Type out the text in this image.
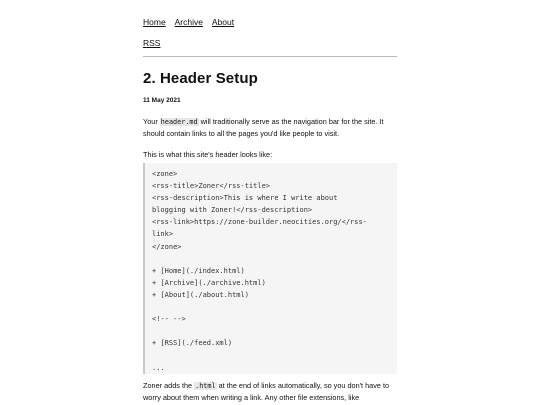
Home Archive About
RSS
2. Header Setup
11 May 2021

Your header.md will traditionally serve as the navigation bar for the site. It should contain links to all the pages you'd like people to visit.

This is what this site's header looks like:

<zone>
<rss-title>Zoner</rss-title>
<rss-description>This is where I write about
blogging with Zoner!</rss-description>
<rss-link>https://zone-builder.neocities.org/</rss-
link>
</zone>

+ [Home](./index.html)
+ [Archive](./archive.html)
+ [About](./about.html)

<!-- -->

+ [RSS](./feed.xml)

...

Zoner adds the .html at the end of links automatically, so you don't have to worry about them when writing a link. Any other file extensions, like
